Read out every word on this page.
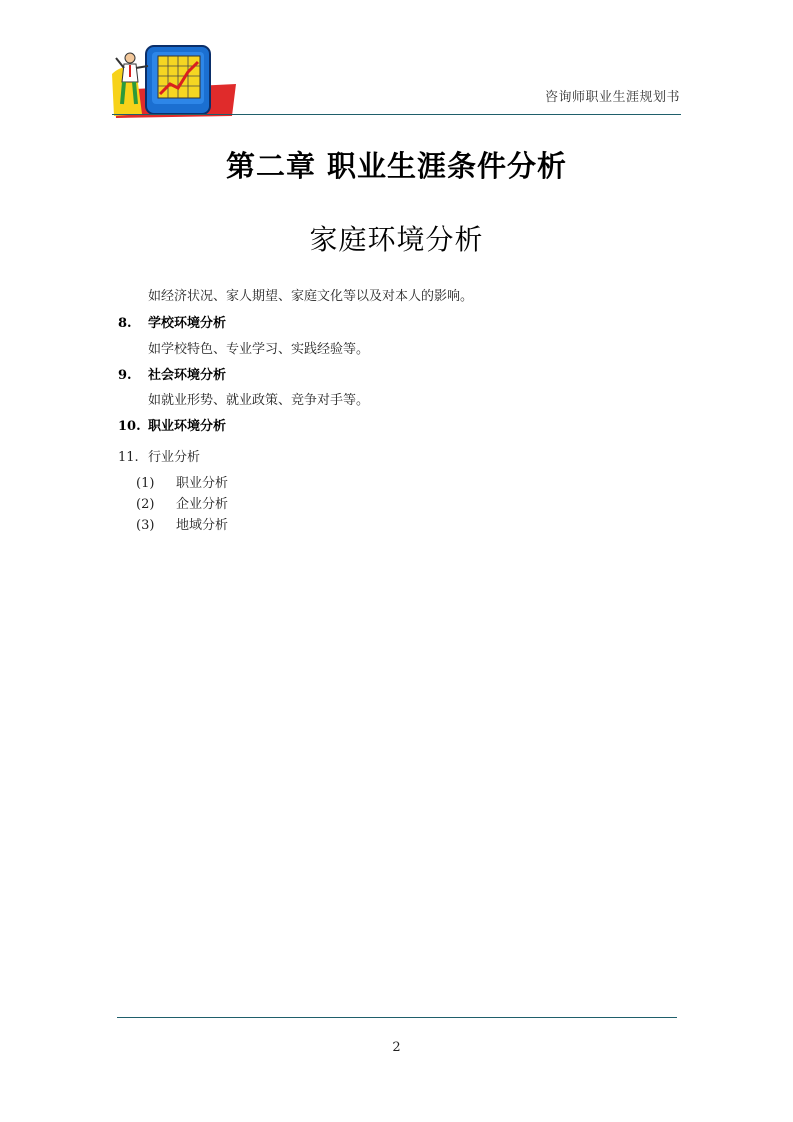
咨询师职业生涯规划书
第二章 职业生涯条件分析
家庭环境分析
如经济状况、家人期望、家庭文化等以及对本人的影响。
8. 学校环境分析
如学校特色、专业学习、实践经验等。
9. 社会环境分析
如就业形势、就业政策、竞争对手等。
10. 职业环境分析
11. 行业分析
(1) 职业分析
(2) 企业分析
(3) 地域分析
2
